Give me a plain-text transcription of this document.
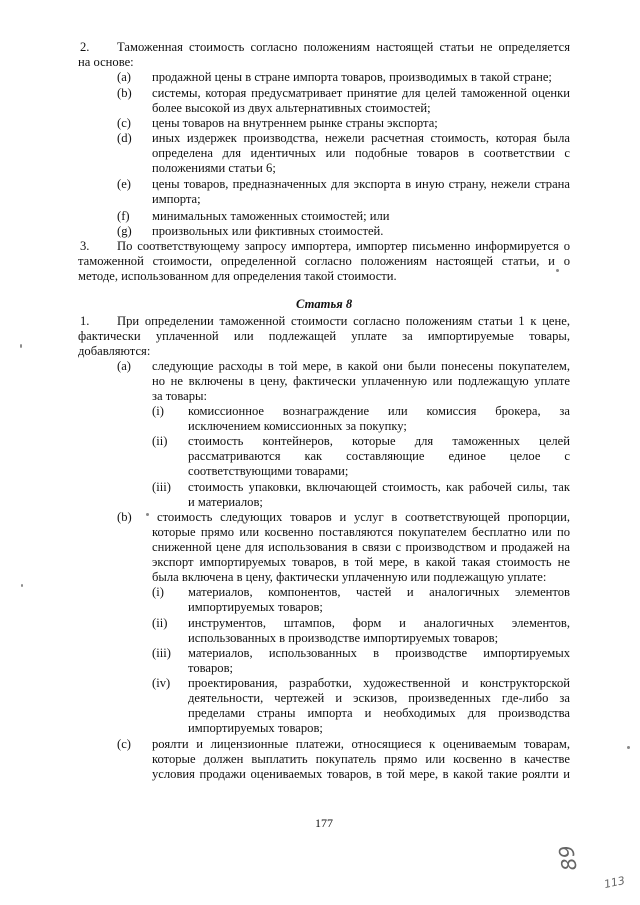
2. Таможенная стоимость согласно положениям настоящей статьи не определяется
на основе:
(a) продажной цены в стране импорта товаров, производимых в такой стране;
(b) системы, которая предусматривает принятие для целей таможенной оценки
более высокой из двух альтернативных стоимостей;
(c) цены товаров на внутреннем рынке страны экспорта;
(d) иных издержек производства, нежели расчетная стоимость, которая была
определена для идентичных или подобные товаров в соответствии с
положениями статьи 6;
(e) цены товаров, предназначенных для экспорта в иную страну, нежели страна
импорта;
(f) минимальных таможенных стоимостей; или
(g) произвольных или фиктивных стоимостей.
3. По соответствующему запросу импортера, импортер письменно информируется о
таможенной стоимости, определенной согласно положениям настоящей статьи, и о
методе, использованном для определения такой стоимости.
Статья 8
1. При определении таможенной стоимости согласно положениям статьи 1 к цене,
фактически уплаченной или подлежащей уплате за импортируемые товары,
добавляются:
(a) следующие расходы в той мере, в какой они были понесены покупателем,
но не включены в цену, фактически уплаченную или подлежащую уплате
за товары:
(i) комиссионное вознаграждение или комиссия брокера, за
исключением комиссионных за покупку;
(ii) стоимость контейнеров, которые для таможенных целей
рассматриваются как составляющие единое целое с
соответствующими товарами;
(iii) стоимость упаковки, включающей стоимость, как рабочей силы, так
и материалов;
(b) стоимость следующих товаров и услуг в соответствующей пропорции,
которые прямо или косвенно поставляются покупателем бесплатно или по
сниженной цене для использования в связи с производством и продажей на
экспорт импортируемых товаров, в той мере, в какой такая стоимость не
была включена в цену, фактически уплаченную или подлежащую уплате:
(i) материалов, компонентов, частей и аналогичных элементов
импортируемых товаров;
(ii) инструментов, штампов, форм и аналогичных элементов,
использованных в производстве импортируемых товаров;
(iii) материалов, использованных в производстве импортируемых
товаров;
(iv) проектирования, разработки, художественной и конструкторской
деятельности, чертежей и эскизов, произведенных где-либо за
пределами страны импорта и необходимых для производства
импортируемых товаров;
(c) роялти и лицензионные платежи, относящиеся к оцениваемым товарам,
которые должен выплатить покупатель прямо или косвенно в качестве
условия продажи оцениваемых товаров, в той мере, в какой такие роялти и
177
89
113
